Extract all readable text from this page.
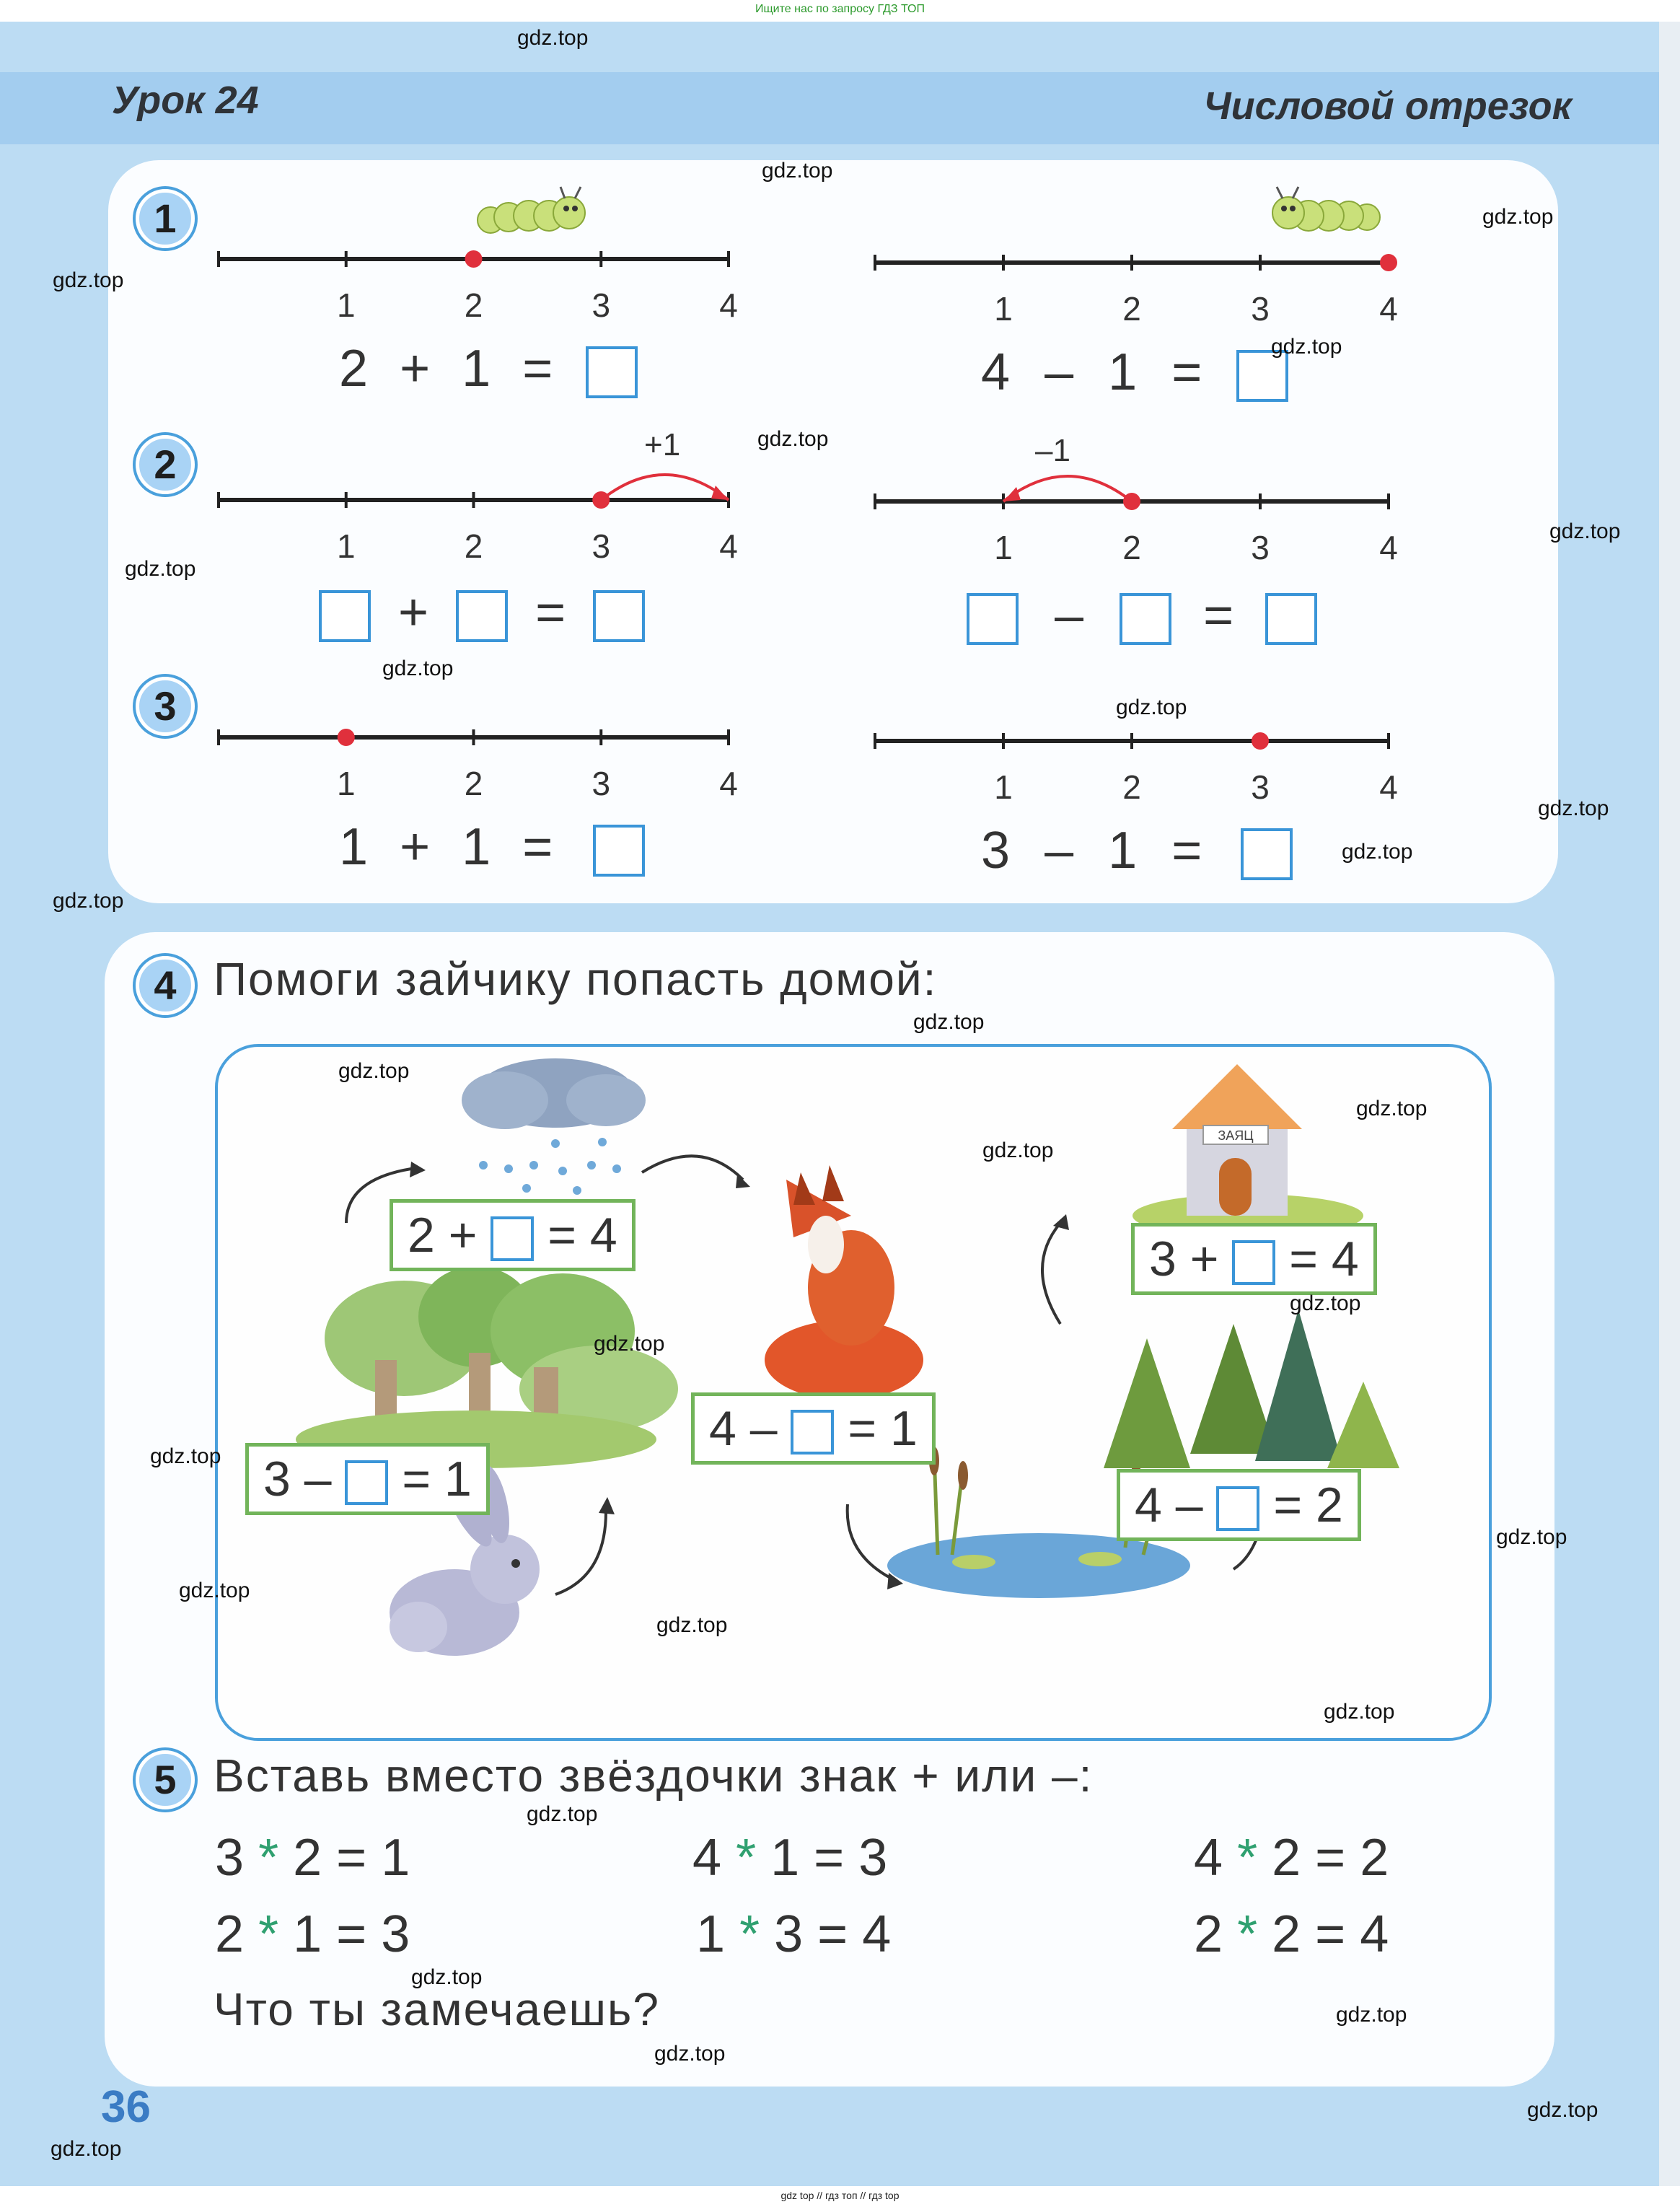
Ищите нас по запросу ГДЗ ТОП
Урок 24	Числовой отрезок
1
2
3
1	2	3	4	1	2	3	4
1	2	3	4	1	2	3	4
1	2	3	4	1	2	3	4
2 + 1 =	4 – 1 =
+1	–1
+ =	– =
1 + 1 =	3 – 1 =
4 Помоги зайчику попасть домой:
ЗАЯЦ
2 + = 4
4 – = 1
3 + = 4
3 – = 1	4 – = 2
5 Вставь вместо звёздочки знак + или –:
3 * 2 = 1	4 * 1 = 3	4 * 2 = 2
2 * 1 = 3	1 * 3 = 4	2 * 2 = 4
Что ты замечаешь?
36
gdz.top
gdz.top
gdz.top
gdz.top
gdz.top
gdz.top
gdz.top
gdz.top
gdz.top
gdz.top
gdz.top
gdz.top
gdz.top
gdz.top
gdz.top
gdz.top
gdz.top
gdz.top
gdz.top
gdz.top
gdz.top
gdz.top
gdz.top
gdz.top
gdz.top
gdz.top
gdz.top
gdz.top
gdz.top
gdz.top
gdz top // гдз топ // гдз top
